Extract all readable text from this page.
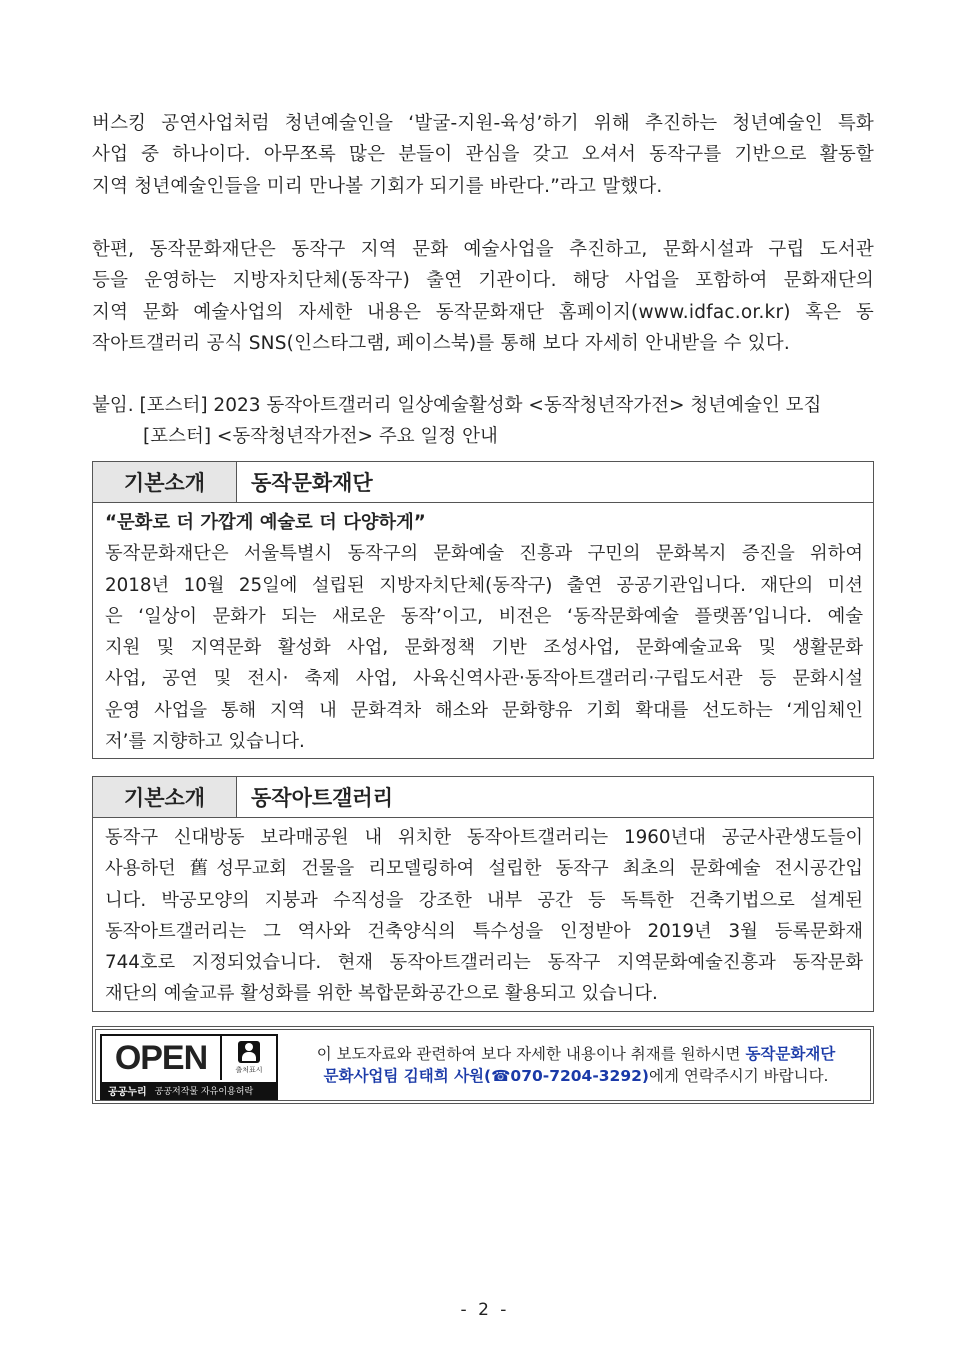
버스킹 공연사업처럼 청년예술인을 ‘발굴-지원-육성’하기 위해 추진하는 청년예술인 특화
사업 중 하나이다. 아무쪼록 많은 분들이 관심을 갖고 오셔서 동작구를 기반으로 활동할
지역 청년예술인들을 미리 만나볼 기회가 되기를 바란다.”라고 말했다.
한편, 동작문화재단은 동작구 지역 문화 예술사업을 추진하고, 문화시설과 구립 도서관
등을 운영하는 지방자치단체(동작구) 출연 기관이다. 해당 사업을 포함하여 문화재단의
지역 문화 예술사업의 자세한 내용은 동작문화재단 홈페이지(www.idfac.or.kr) 혹은 동
작아트갤러리 공식 SNS(인스타그램, 페이스북)를 통해 보다 자세히 안내받을 수 있다.
붙임. [포스터] 2023 동작아트갤러리 일상예술활성화 <동작청년작가전> 청년예술인 모집
[포스터] <동작청년작가전> 주요 일정 안내
기본소개	동작문화재단
“문화로 더 가깝게 예술로 더 다양하게”
동작문화재단은 서울특별시 동작구의 문화예술 진흥과 구민의 문화복지 증진을 위하여
2018년 10월 25일에 설립된 지방자치단체(동작구) 출연 공공기관입니다. 재단의 미션
은 ‘일상이 문화가 되는 새로운 동작’이고, 비전은 ‘동작문화예술 플랫폼’입니다. 예술
지원 및 지역문화 활성화 사업, 문화정책 기반 조성사업, 문화예술교육 및 생활문화
사업, 공연 및 전시· 축제 사업, 사육신역사관·동작아트갤러리·구립도서관 등 문화시설
운영 사업을 통해 지역 내 문화격차 해소와 문화향유 기회 확대를 선도하는 ‘게임체인
저’를 지향하고 있습니다.
기본소개	동작아트갤러리
동작구 신대방동 보라매공원 내 위치한 동작아트갤러리는 1960년대 공군사관생도들이
사용하던 舊성무교회 건물을 리모델링하여 설립한 동작구 최초의 문화예술 전시공간입
니다. 박공모양의 지붕과 수직성을 강조한 내부 공간 등 독특한 건축기법으로 설계된
동작아트갤러리는 그 역사와 건축양식의 특수성을 인정받아 2019년 3월 등록문화재
744호로 지정되었습니다. 현재 동작아트갤러리는 동작구 지역문화예술진흥과 동작문화
재단의 예술교류 활성화를 위한 복합문화공간으로 활용되고 있습니다.
OPEN	출처표시
공공누리 공공저작물 자유이용허락
이 보도자료와 관련하여 보다 자세한 내용이나 취재를 원하시면 동작문화재단
문화사업팀 김태희 사원(☎070-7204-3292)에게 연락주시기 바랍니다.
- 2 -
